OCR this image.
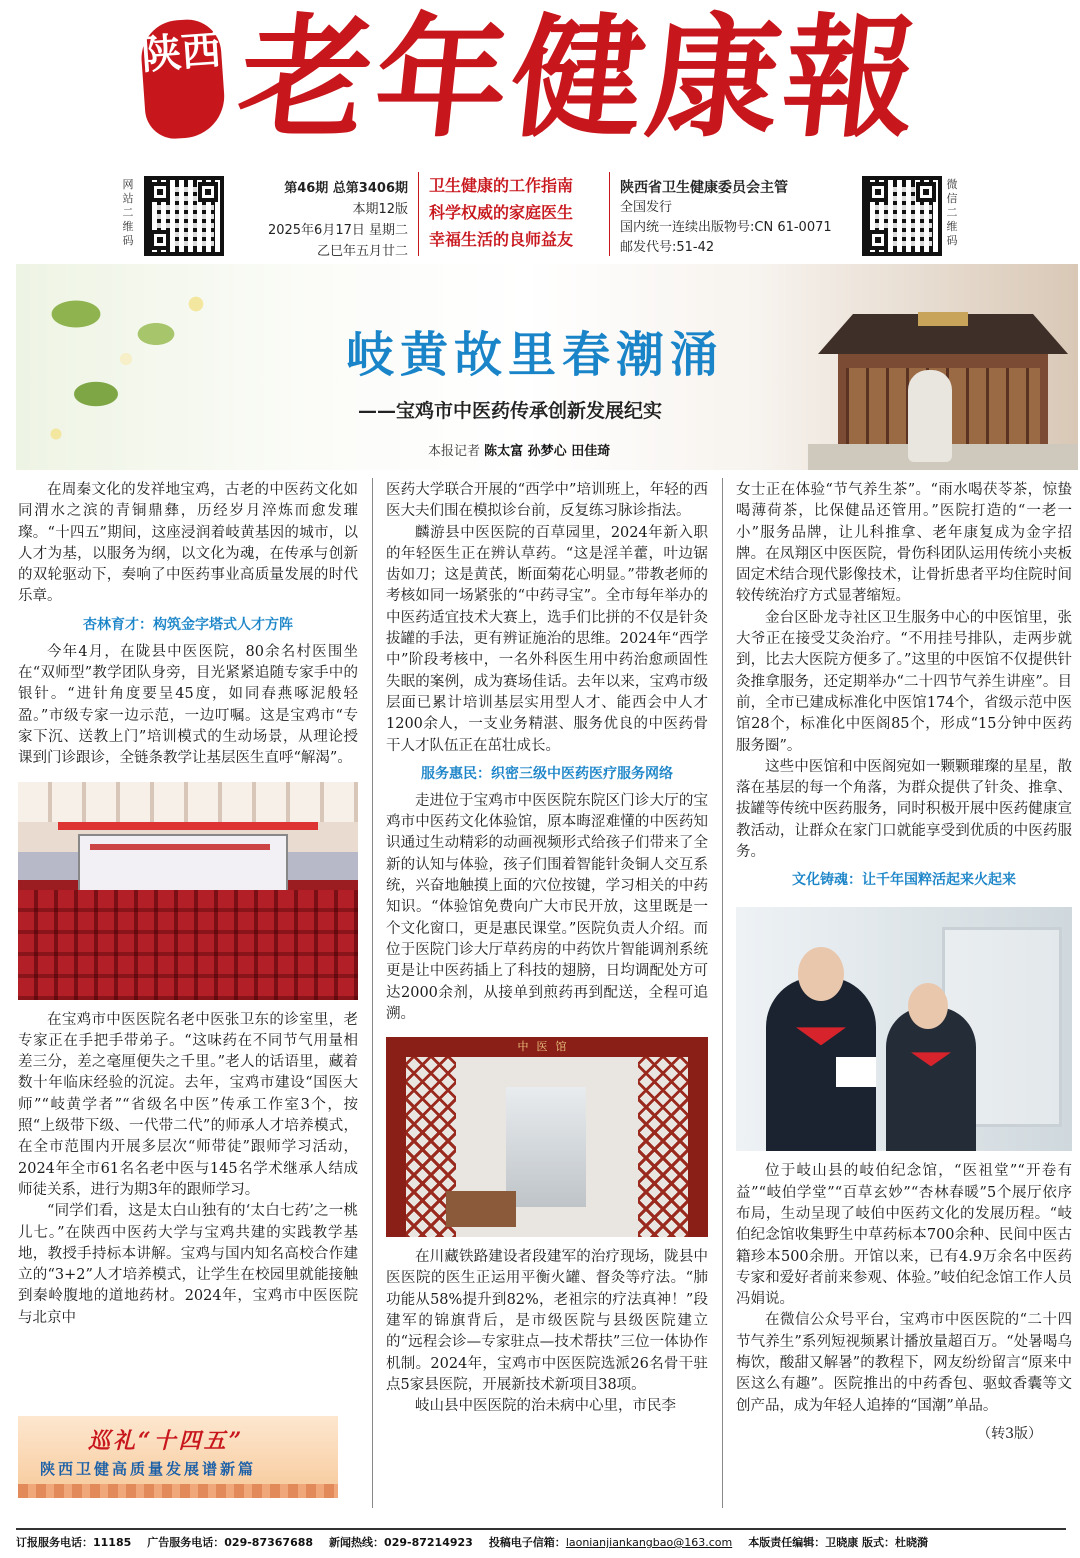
陕西 老年健康報
网站二维码
第46期 总第3406期
本期12版
2025年6月17日 星期二
乙巳年五月廿二
卫生健康的工作指南
科学权威的家庭医生
幸福生活的良师益友
陕西省卫生健康委员会主管
全国发行
国内统一连续出版物号:CN 61-0071
邮发代号:51-42
微信二维码
岐黄故里春潮涌
——宝鸡市中医药传承创新发展纪实
本报记者 陈太富 孙梦心 田佳琦

在周秦文化的发祥地宝鸡，古老的中医药文化如同渭水之滨的青铜鼎彝，历经岁月淬炼而愈发璀璨。“十四五”期间，这座浸润着岐黄基因的城市，以人才为基，以服务为纲，以文化为魂，在传承与创新的双轮驱动下，奏响了中医药事业高质量发展的时代乐章。

杏林育才：构筑金字塔式人才方阵

今年4月，在陇县中医医院，80余名村医围坐在“双师型”教学团队身旁，目光紧紧追随专家手中的银针。“进针角度要呈45度，如同春燕啄泥般轻盈。”市级专家一边示范，一边叮嘱。这是宝鸡市“专家下沉、送教上门”培训模式的生动场景，从理论授课到门诊跟诊，全链条教学让基层医生直呼“解渴”。

在宝鸡市中医医院名老中医张卫东的诊室里，老专家正在手把手带弟子。“这味药在不同节气用量相差三分，差之毫厘便失之千里。”老人的话语里，藏着数十年临床经验的沉淀。去年，宝鸡市建设“国医大师”“岐黄学者”“省级名中医”传承工作室3个，按照“上级带下级、一代带二代”的师承人才培养模式，在全市范围内开展多层次“师带徒”跟师学习活动，2024年全市61名名老中医与145名学术继承人结成师徒关系，进行为期3年的跟师学习。

“同学们看，这是太白山独有的‘太白七药’之一桃儿七。”在陕西中医药大学与宝鸡共建的实践教学基地，教授手持标本讲解。宝鸡与国内知名高校合作建立的“3+2”人才培养模式，让学生在校园里就能接触到秦岭腹地的道地药材。2024年，宝鸡市中医医院与北京中

医药大学联合开展的“西学中”培训班上，年轻的西医大夫们围在模拟诊台前，反复练习脉诊指法。

麟游县中医医院的百草园里，2024年新入职的年轻医生正在辨认草药。“这是淫羊藿，叶边锯齿如刀；这是黄芪，断面菊花心明显。”带教老师的考核如同一场紧张的“中药寻宝”。全市每年举办的中医药适宜技术大赛上，选手们比拼的不仅是针灸拔罐的手法，更有辨证施治的思维。2024年“西学中”阶段考核中，一名外科医生用中药治愈顽固性失眠的案例，成为赛场佳话。去年以来，宝鸡市级层面已累计培训基层实用型人才、能西会中人才1200余人，一支业务精湛、服务优良的中医药骨干人才队伍正在茁壮成长。

服务惠民：织密三级中医药医疗服务网络

走进位于宝鸡市中医医院东院区门诊大厅的宝鸡市中医药文化体验馆，原本晦涩难懂的中医药知识通过生动精彩的动画视频形式给孩子们带来了全新的认知与体验，孩子们围着智能针灸铜人交互系统，兴奋地触摸上面的穴位按键，学习相关的中药知识。“体验馆免费向广大市民开放，这里既是一个文化窗口，更是惠民课堂。”医院负责人介绍。而位于医院门诊大厅草药房的中药饮片智能调剂系统更是让中医药插上了科技的翅膀，日均调配处方可达2000余剂，从接单到煎药再到配送，全程可追溯。

中医馆

在川藏铁路建设者段建军的治疗现场，陇县中医医院的医生正运用平衡火罐、督灸等疗法。“肺功能从58%提升到82%，老祖宗的疗法真神！”段建军的锦旗背后，是市级医院与县级医院建立的“远程会诊—专家驻点—技术帮扶”三位一体协作机制。2024年，宝鸡市中医医院选派26名骨干驻点5家县医院，开展新技术新项目38项。

岐山县中医医院的治未病中心里，市民李

女士正在体验“节气养生茶”。“雨水喝茯苓茶，惊蛰喝薄荷茶，比保健品还管用。”医院打造的“一老一小”服务品牌，让儿科推拿、老年康复成为金字招牌。在凤翔区中医医院，骨伤科团队运用传统小夹板固定术结合现代影像技术，让骨折患者平均住院时间较传统治疗方式显著缩短。

金台区卧龙寺社区卫生服务中心的中医馆里，张大爷正在接受艾灸治疗。“不用挂号排队，走两步就到，比去大医院方便多了。”这里的中医馆不仅提供针灸推拿服务，还定期举办“二十四节气养生讲座”。目前，全市已建成标准化中医馆174个，省级示范中医馆28个，标准化中医阁85个，形成“15分钟中医药服务圈”。

这些中医馆和中医阁宛如一颗颗璀璨的星星，散落在基层的每一个角落，为群众提供了针灸、推拿、拔罐等传统中医药服务，同时积极开展中医药健康宣教活动，让群众在家门口就能享受到优质的中医药服务。

文化铸魂：让千年国粹活起来火起来

位于岐山县的岐伯纪念馆，“医祖堂”“开卷有益”“岐伯学堂”“百草玄妙”“杏林春暖”5个展厅依序布局，生动呈现了岐伯中医药文化的发展历程。“岐伯纪念馆收集野生中草药标本700余种、民间中医古籍珍本500余册。开馆以来，已有4.9万余名中医药专家和爱好者前来参观、体验。”岐伯纪念馆工作人员冯娟说。

在微信公众号平台，宝鸡市中医医院的“二十四节气养生”系列短视频累计播放量超百万。“处暑喝乌梅饮，酸甜又解暑”的教程下，网友纷纷留言“原来中医这么有趣”。医院推出的中药香包、驱蚊香囊等文创产品，成为年轻人追捧的“国潮”单品。

（转3版）
巡礼“十四五”
陕西卫健高质量发展谱新篇
订报服务电话：11185 广告服务电话：029-87367688 新闻热线：029-87214923 投稿电子信箱：laonianjiankangbao@163.com 本版责任编辑：卫晓康 版式：杜晓漪
